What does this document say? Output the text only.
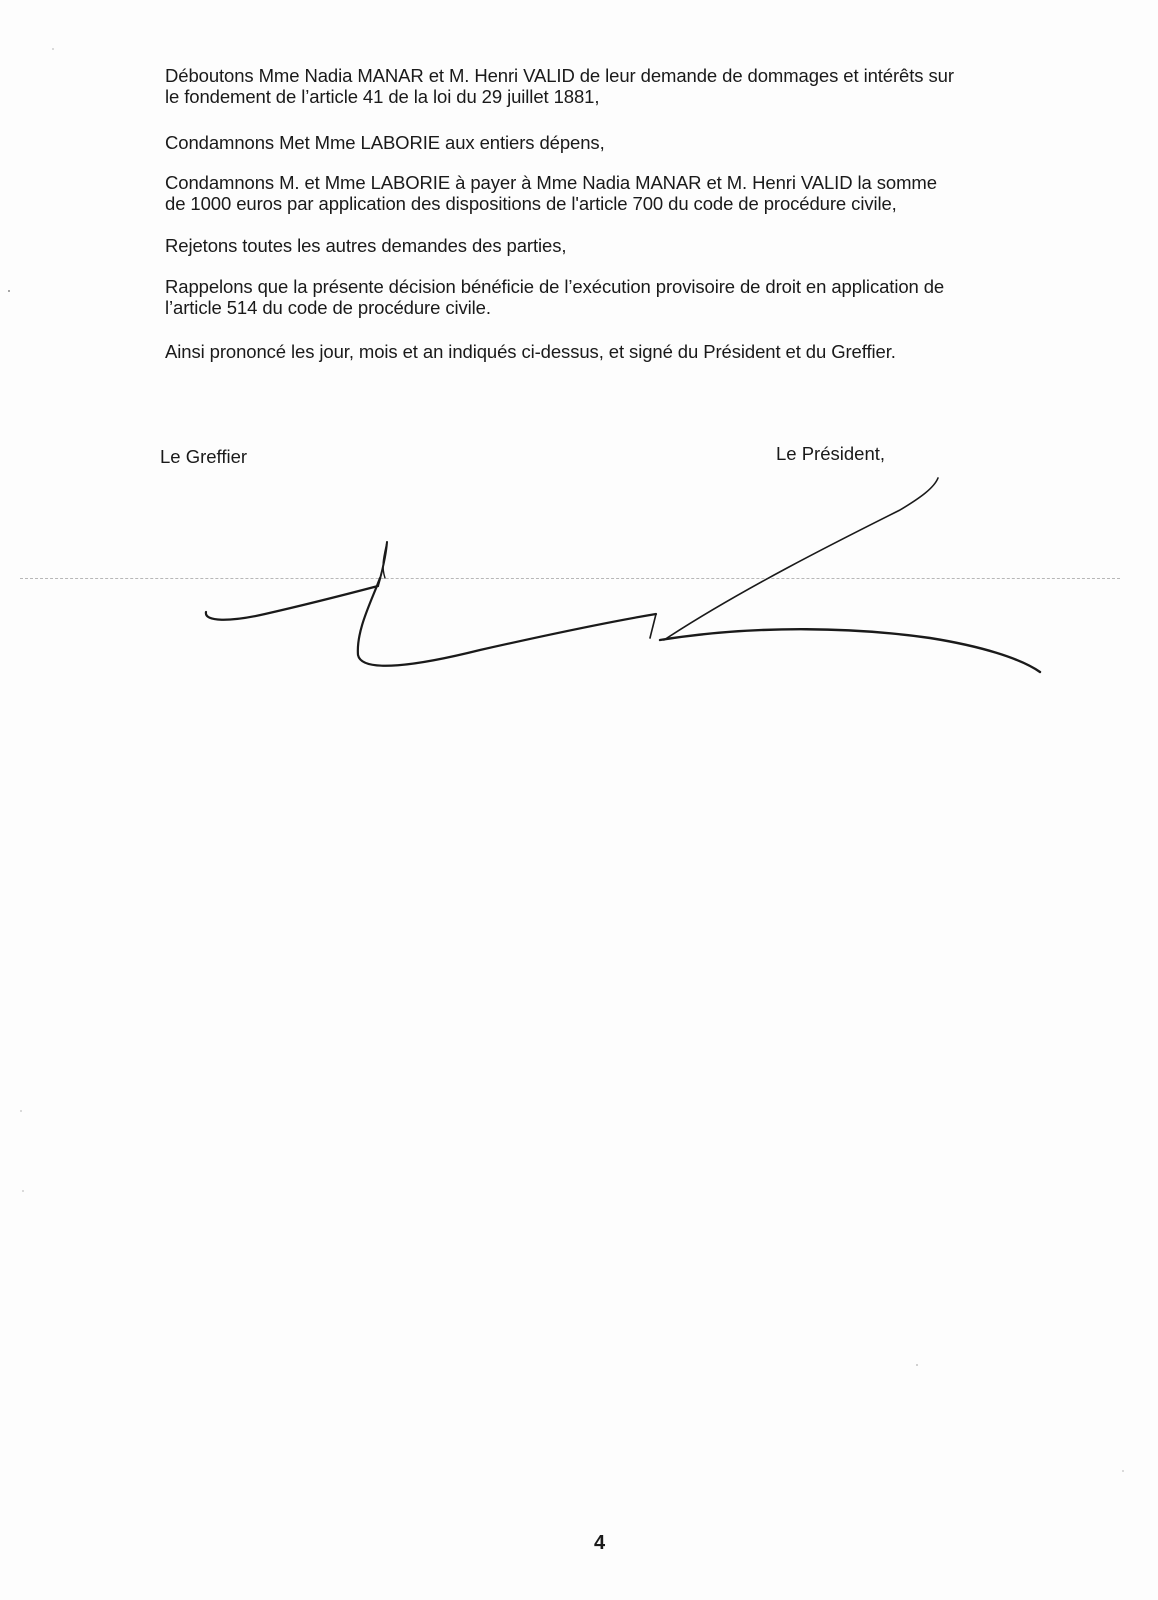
Déboutons Mme Nadia MANAR et M. Henri VALID de leur demande de dommages et intérêts sur
le fondement de l’article 41 de la loi du 29 juillet 1881,

Condamnons Met Mme LABORIE aux entiers dépens,

Condamnons M. et Mme LABORIE à payer à Mme Nadia MANAR et M. Henri VALID la somme
de 1000 euros par application des dispositions de l'article 700 du code de procédure civile,

Rejetons toutes les autres demandes des parties,

Rappelons que la présente décision bénéficie de l’exécution provisoire de droit en application de
l’article 514 du code de procédure civile.

Ainsi prononcé les jour, mois et an indiqués ci-dessus, et signé du Président et du Greffier.

Le Greffier	Le Président,
4
